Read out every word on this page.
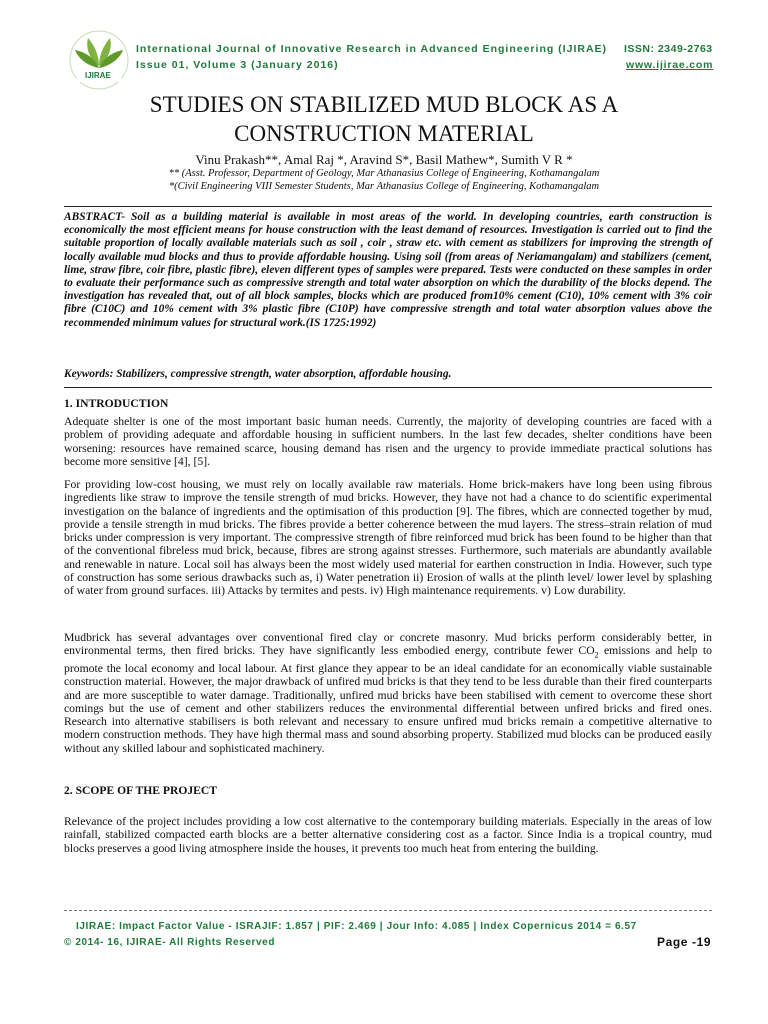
IJIRAE
International Journal of Innovative Research in Advanced Engineering (IJIRAE)
Issue 01, Volume 3 (January 2016)
ISSN: 2349-2763
www.ijirae.com
STUDIES ON STABILIZED MUD BLOCK AS A
CONSTRUCTION MATERIAL
Vinu Prakash**, Amal Raj *, Aravind S*, Basil Mathew*, Sumith V R *
** (Asst. Professor, Department of Geology, Mar Athanasius College of Engineering, Kothamangalam
*(Civil Engineering VIII Semester Students, Mar Athanasius College of Engineering, Kothamangalam
ABSTRACT- Soil as a building material is available in most areas of the world. In developing countries, earth construction is economically the most efficient means for house construction with the least demand of resources. Investigation is carried out to find the suitable proportion of locally available materials such as soil , coir , straw etc. with cement as stabilizers for improving the strength of locally available mud blocks and thus to provide affordable housing. Using soil (from areas of Neriamangalam) and stabilizers (cement, lime, straw fibre, coir fibre, plastic fibre), eleven different types of samples were prepared. Tests were conducted on these samples in order to evaluate their performance such as compressive strength and total water absorption on which the durability of the blocks depend. The investigation has revealed that, out of all block samples, blocks which are produced from10% cement (C10), 10% cement with 3% coir fibre (C10C) and 10% cement with 3% plastic fibre (C10P) have compressive strength and total water absorption values above the recommended minimum values for structural work.(IS 1725:1992)
Keywords: Stabilizers, compressive strength, water absorption, affordable housing.
1. INTRODUCTION
Adequate shelter is one of the most important basic human needs. Currently, the majority of developing countries are faced with a problem of providing adequate and affordable housing in sufficient numbers. In the last few decades, shelter conditions have been worsening: resources have remained scarce, housing demand has risen and the urgency to provide immediate practical solutions has become more sensitive [4], [5].
For providing low-cost housing, we must rely on locally available raw materials. Home brick-makers have long been using fibrous ingredients like straw to improve the tensile strength of mud bricks. However, they have not had a chance to do scientific experimental investigation on the balance of ingredients and the optimisation of this production [9]. The fibres, which are connected together by mud, provide a tensile strength in mud bricks. The fibres provide a better coherence between the mud layers. The stress–strain relation of mud bricks under compression is very important. The compressive strength of fibre reinforced mud brick has been found to be higher than that of the conventional fibreless mud brick, because, fibres are strong against stresses. Furthermore, such materials are abundantly available and renewable in nature. Local soil has always been the most widely used material for earthen construction in India. However, such type of construction has some serious drawbacks such as, i) Water penetration ii) Erosion of walls at the plinth level/ lower level by splashing of water from ground surfaces. iii) Attacks by termites and pests. iv) High maintenance requirements. v) Low durability.

Mudbrick has several advantages over conventional fired clay or concrete masonry. Mud bricks perform considerably better, in environmental terms, then fired bricks. They have significantly less embodied energy, contribute fewer $CO_2$ emissions and help to promote the local economy and local labour. At first glance they appear to be an ideal candidate for an economically viable sustainable construction material. However, the major drawback of unfired mud bricks is that they tend to be less durable than their fired counterparts and are more susceptible to water damage. Traditionally, unfired mud bricks have been stabilised with cement to overcome these short comings but the use of cement and other stabilizers reduces the environmental differential between unfired bricks and fired ones. Research into alternative stabilisers is both relevant and necessary to ensure unfired mud bricks remain a competitive alternative to modern construction methods. They have high thermal mass and sound absorbing property. Stabilized mud blocks can be produced easily without any skilled labour and sophisticated machinery.

2. SCOPE OF THE PROJECT
Relevance of the project includes providing a low cost alternative to the contemporary building materials. Especially in the areas of low rainfall, stabilized compacted earth blocks are a better alternative considering cost as a factor. Since India is a tropical country, mud blocks preserves a good living atmosphere inside the houses, it prevents too much heat from entering the building.
IJIRAE: Impact Factor Value - ISRAJIF: 1.857 | PIF: 2.469 | Jour Info: 4.085 | Index Copernicus 2014 = 6.57
© 2014- 16, IJIRAE- All Rights Reserved	Page -19
